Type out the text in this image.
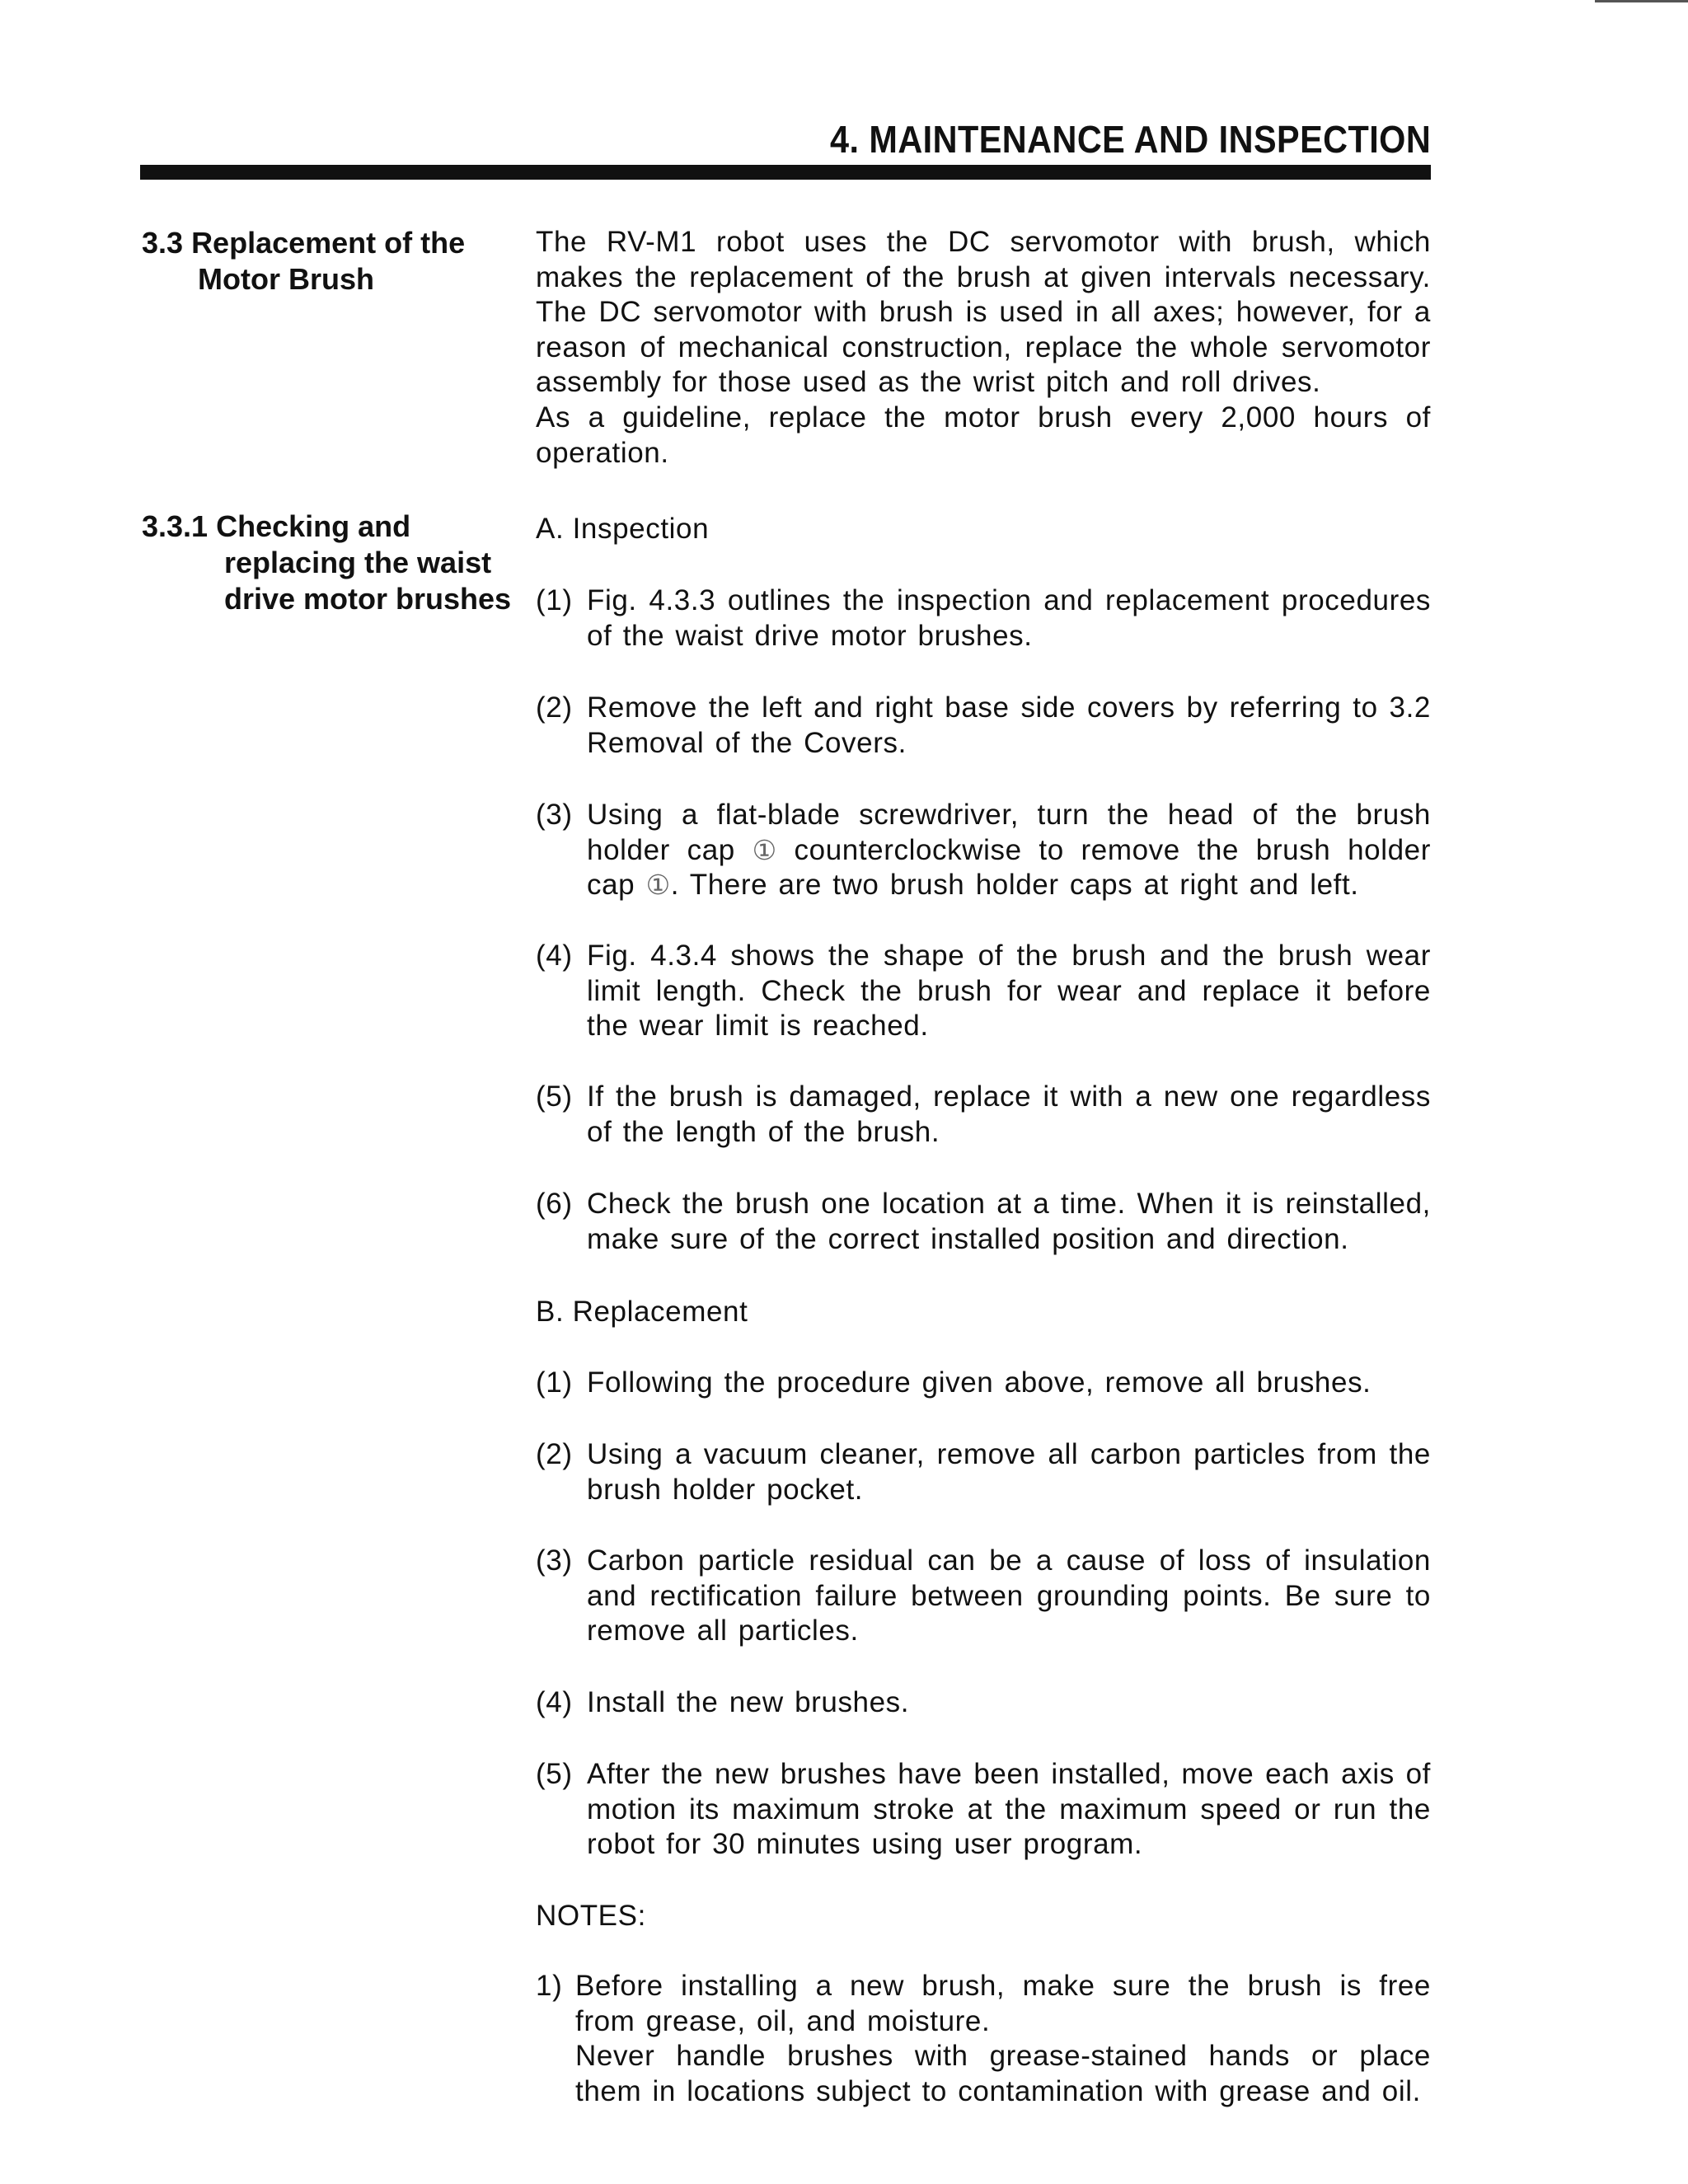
4. MAINTENANCE AND INSPECTION
3.3 Replacement of the
Motor Brush
The RV-M1 robot uses the DC servomotor with brush, which makes the replacement of the brush at given intervals necessary. The DC servomotor with brush is used in all axes; however, for a reason of mechanical construction, replace the whole servomotor assembly for those used as the wrist pitch and roll drives.
As a guideline, replace the motor brush every 2,000 hours of operation.
3.3.1 Checking and
replacing the waist
drive motor brushes
A. Inspection
(1) Fig. 4.3.3 outlines the inspection and replacement procedures of the waist drive motor brushes.
(2) Remove the left and right base side covers by referring to 3.2 Removal of the Covers.
(3) Using a flat-blade screwdriver, turn the head of the brush holder cap ① counterclockwise to remove the brush holder cap ①. There are two brush holder caps at right and left.
(4) Fig. 4.3.4 shows the shape of the brush and the brush wear limit length. Check the brush for wear and replace it before the wear limit is reached.
(5) If the brush is damaged, replace it with a new one regardless of the length of the brush.
(6) Check the brush one location at a time. When it is reinstalled, make sure of the correct installed position and direction.
B. Replacement
(1) Following the procedure given above, remove all brushes.
(2) Using a vacuum cleaner, remove all carbon particles from the brush holder pocket.
(3) Carbon particle residual can be a cause of loss of insulation and rectification failure between grounding points. Be sure to remove all particles.
(4) Install the new brushes.
(5) After the new brushes have been installed, move each axis of motion its maximum stroke at the maximum speed or run the robot for 30 minutes using user program.
NOTES:
1) Before installing a new brush, make sure the brush is free from grease, oil, and moisture.
Never handle brushes with grease-stained hands or place them in locations subject to contamination with grease and oil.
